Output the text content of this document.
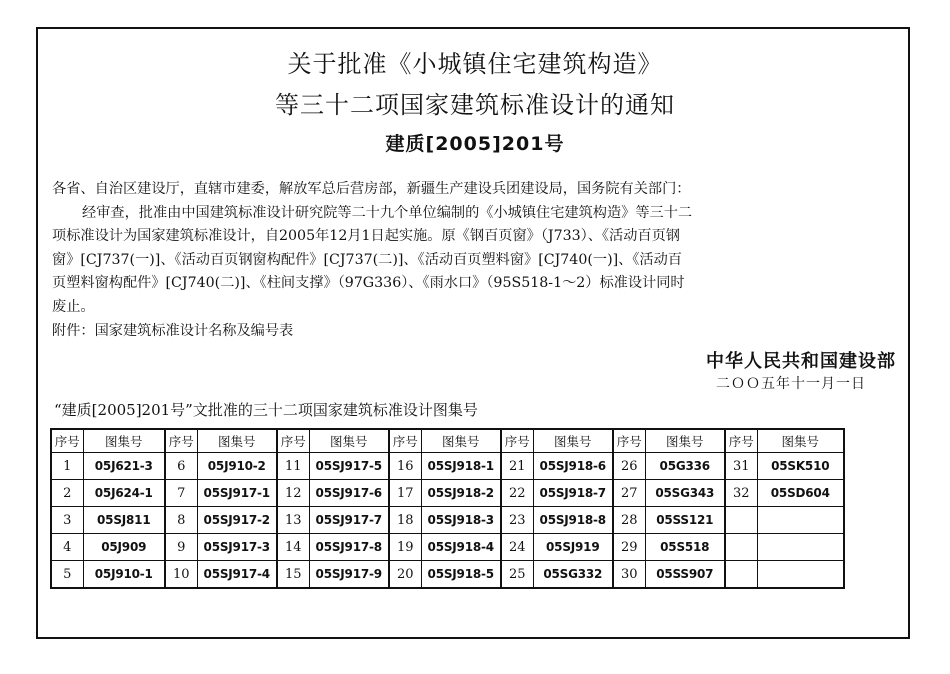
关于批准《小城镇住宅建筑构造》
等三十二项国家建筑标准设计的通知
建质[2005]201号
各省、自治区建设厅，直辖市建委，解放军总后营房部，新疆生产建设兵团建设局，国务院有关部门：
经审查，批准由中国建筑标准设计研究院等二十九个单位编制的《小城镇住宅建筑构造》等三十二
项标准设计为国家建筑标准设计，自2005年12月1日起实施。原《钢百页窗》（J733）、《活动百页钢
窗》[CJ737(一)]、《活动百页钢窗构配件》[CJ737(二)]、《活动百页塑料窗》[CJ740(一)]、《活动百
页塑料窗构配件》[CJ740(二)]、《柱间支撑》（97G336）、《雨水口》（95S518-1～2）标准设计同时
废止。
附件：国家建筑标准设计名称及编号表
中华人民共和国建设部
二ＯＯ五年十一月一日
“建质[2005]201号”文批准的三十二项国家建筑标准设计图集号
序号	图集号	序号	图集号	序号	图集号	序号	图集号	序号	图集号	序号	图集号	序号	图集号
1	05J621-3	6	05J910-2	11	05SJ917-5	16	05SJ918-1	21	05SJ918-6	26	05G336	31	05SK510
2	05J624-1	7	05SJ917-1	12	05SJ917-6	17	05SJ918-2	22	05SJ918-7	27	05SG343	32	05SD604
3	05SJ811	8	05SJ917-2	13	05SJ917-7	18	05SJ918-3	23	05SJ918-8	28	05SS121		
4	05J909	9	05SJ917-3	14	05SJ917-8	19	05SJ918-4	24	05SJ919	29	05S518		
5	05J910-1	10	05SJ917-4	15	05SJ917-9	20	05SJ918-5	25	05SG332	30	05SS907		
